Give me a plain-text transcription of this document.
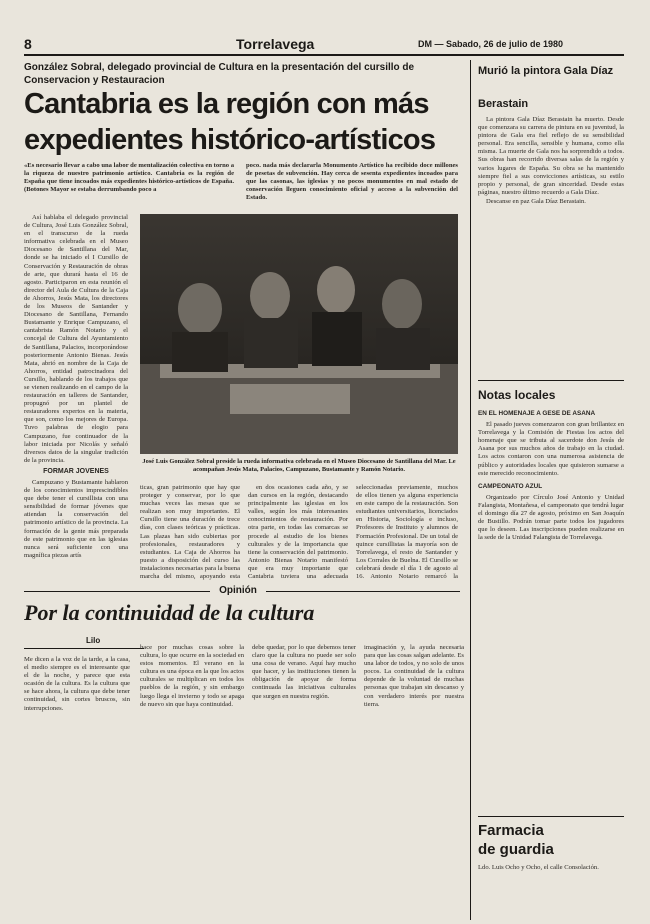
8	Torrelavega	DM — Sabado, 26 de julio de 1980
González Sobral, delegado provincial de Cultura en la presentación del cursillo de Conservacion y Restauracion
Cantabria es la región con más
expedientes histórico-artísticos
«Es necesario llevar a cabo una labor de mentalización colectiva en torno a la riqueza de nuestro patrimonio artístico. Cantabria es la región de España que tiene incoados más expedientes histórico-artísticos de España. (Botones Mayor se estaba derrumbando poco a
poco. nada más declararla Monumento Artístico ha recibido doce millones de pesetas de subvención. Hay cerca de sesenta expedientes incoados para que las casonas, las iglesias y no pocos monumentos en mal estado de conservación lleguen conocimiento oficial y acceso a la subvención del Estado.

Así hablaba el delegado provincial de Cultura, José Luis González Sobral, en el transcurso de la rueda informativa celebrada en el Museo Diocesano de Santillana del Mar, donde se ha iniciado el I Cursillo de Conservación y Restauración de obras de arte, que durará hasta el 16 de agosto. Participaron en esta reunión el director del Aula de Cultura de la Caja de Ahorros, Jesús Mata, los directores de los Museos de Santander y Diocesano de Santillana, Fernando Bustamante y Enrique Campuzano, el cantabrista Ramón Notario y el concejal de Cultura del Ayuntamiento de Santillana, Palacios, incorporándose posteriormente Antonio Bienas. Jesús Mata, abrió en nombre de la Caja de Ahorros, entidad patrocinadora del Cursillo, hablando de los trabajos que se vienen realizando en el campo de la restauración en talleres de Santander, propugnó por un plantel de restauradores expertos en la materia, que son, como los mejores de Europa. Tuvo palabras de elogio para Campuzano, fue continuador de la labor iniciada por Nicolás y señaló diversos datos de la singular tradición de la provincia.

FORMAR JOVENES

Campuzano y Bustamante hablaron de los conocimientos imprescindibles que debe tener el cursillista con una sensibilidad de formar jóvenes que atiendan la conservación del patrimonio artístico de la provincia. La formación de la gente más preparada de este patrimonio que en las iglesias nunca será suficiente con una magnífica piezas artís

José Luis González Sobral preside la rueda informativa celebrada en el Museo Diocesano de Santillana del Mar. Le acompañan Jesús Mata, Palacios, Campuzano, Bustamante y Ramón Notario.
ticas, gran patrimonio que hay que proteger y conservar, por lo que muchas veces las mesas que se realizan son muy importantes. El Cursillo tiene una duración de trece días, con clases teóricas y prácticas. Las plazas han sido cubiertas por profesionales, restauradores y estudiantes. La Caja de Ahorros ha puesto a disposición del curso las instalaciones necesarias para la buena marcha del mismo, apoyando esta

en dos ocasiones cada año, y se dan cursos en la región, destacando principalmente las iglesias en los valles, según los más interesantes conocimientos de restauración. Por otra parte, en todas las comarcas se procede al estudio de los bienes culturales y de la importancia que tiene la conservación del patrimonio. Antonio Bienas Notario manifestó que era muy importante que Cantabria tuviera una adecuada

seleccionadas previamente, muchos de ellos tienen ya alguna experiencia en este campo de la restauración. Son estudiantes universitarios, licenciados en Historia, Sociología e incluso, Profesores de Instituto y alumnos de Formación Profesional. De un total de quince cursillistas la mayoría son de Torrelavega, el resto de Santander y Los Corrales de Buelna. El Cursillo se celebrará desde el día 1 de agosto al 16. Antonio Notario remarcó la
Murió la pintora Gala Díaz
Berastain

La pintora Gala Díaz Berastain ha muerto. Desde que comenzara su carrera de pintura en su juventud, la pintora de Gala era fiel reflejo de su sensibilidad personal. Era sencilla, sensible y humana, como ella misma. La muerte de Gala nos ha sorprendido a todos. Sus obras han recorrido diversas salas de la región y varios lugares de España. Su obra se ha mantenido siempre fiel a sus convicciones artísticas, su estilo propio y personal, de gran sinceridad. Desde estas páginas, nuestro último recuerdo a Gala Díaz.

Descanse en paz Gala Díaz Berastain.

Notas locales
EN EL HOMENAJE A GESE DE ASANA

El pasado jueves comenzaron con gran brillantez en Torrelavega y la Comisión de Fiestas los actos del homenaje que se tributa al sacerdote don Jesús de Asana por sus muchos años de trabajo en la ciudad. Los actos contaron con una numerosa asistencia de público y autoridades locales que quisieron sumarse a este merecido reconocimiento.

CAMPEONATO AZUL

Organizado por Círculo José Antonio y Unidad Falangista, Montañesa, el campeonato que tendrá lugar el domingo día 27 de agosto, próximo en San Joaquín de Bustillo. Podrán tomar parte todos los jugadores que lo deseen. Las inscripciones pueden realizarse en la sede de la Unidad Falangista de Torrelavega.

Farmacia
de guardia
Ldo. Luis Ocho y Ocho, el calle Consolación.
Opinión
Por la continuidad de la cultura
Lilo
Me dicen a la voz de la tarde, a la casa, el medio siempre es el interesante que el de la noche, y parece que esta ocasión de la cultura. Es la cultura que se hace ahora, la cultura que debe tener continuidad, sin cortes bruscos, sin interrupciones.
hace por muchas cosas sobre la cultura, lo que ocurre en la sociedad en estos momentos. El verano en la cultura es una época en la que los actos culturales se multiplican en todos los pueblos de la región, y sin embargo luego llega el invierno y todo se apaga de nuevo sin que haya continuidad.
debe quedar, por lo que debemos tener claro que la cultura no puede ser solo una cosa de verano. Aquí hay mucho que hacer, y las instituciones tienen la obligación de apoyar de forma continuada las iniciativas culturales que surgen en nuestra región.
imaginación y, la ayuda necesaria para que las cosas salgan adelante. Es una labor de todos, y no solo de unos pocos. La continuidad de la cultura depende de la voluntad de muchas personas que trabajan sin descanso y con verdadero interés por nuestra tierra.
